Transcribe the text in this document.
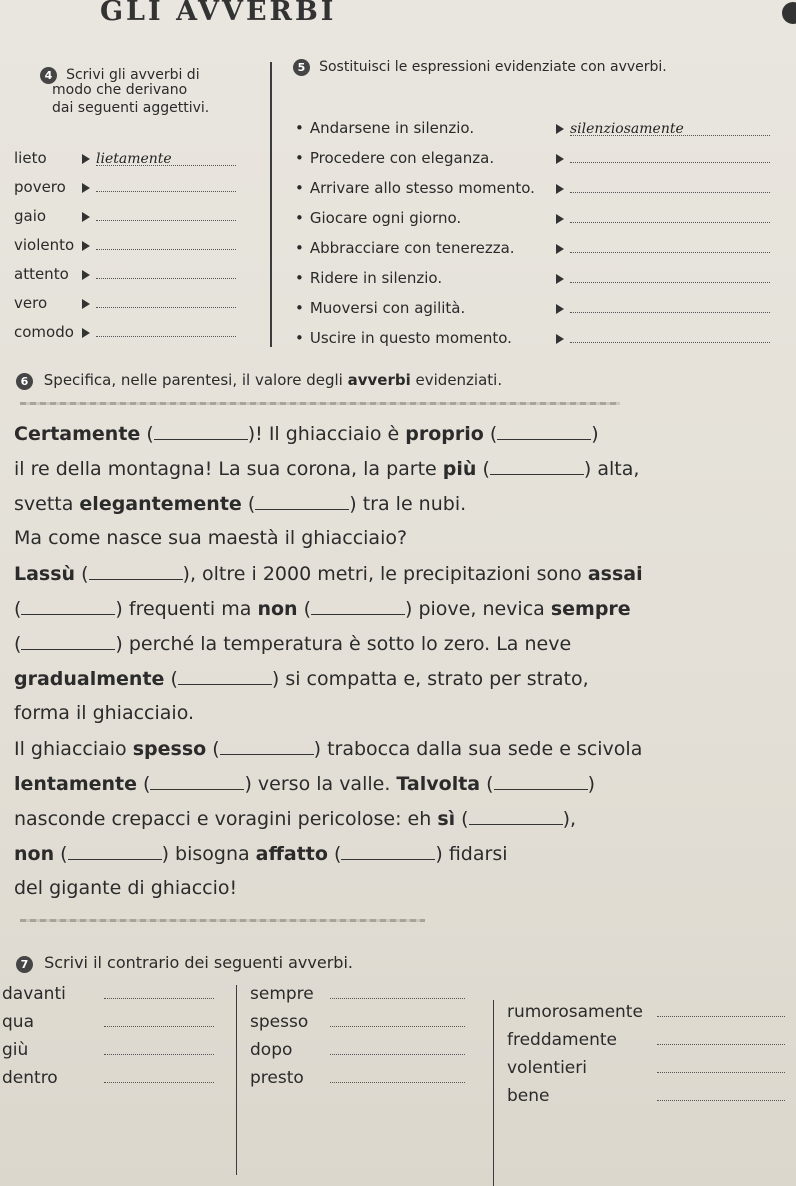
GLI AVVERBI
4 Scrivi gli avverbi di
modo che derivano
dai seguenti aggettivi.
lieto	lietamente
povero
gaio
violento
attento
vero
comodo
5 Sostituisci le espressioni evidenziate con avverbi.
• Andarsene in silenzio.	silenziosamente
• Procedere con eleganza.
• Arrivare allo stesso momento.
• Giocare ogni giorno.
• Abbracciare con tenerezza.
• Ridere in silenzio.
• Muoversi con agilità.
• Uscire in questo momento.
6 Specifica, nelle parentesi, il valore degli avverbi evidenziati.
Certamente (	)! Il ghiacciaio è proprio (	)
il re della montagna! La sua corona, la parte più (	) alta,
svetta elegantemente (	) tra le nubi.
Ma come nasce sua maestà il ghiacciaio?
Lassù (	), oltre i 2000 metri, le precipitazioni sono assai
(	) frequenti ma non (	) piove, nevica sempre
(	) perché la temperatura è sotto lo zero. La neve
gradualmente (	) si compatta e, strato per strato,
forma il ghiacciaio.
Il ghiacciaio spesso (	) trabocca dalla sua sede e scivola
lentamente (	) verso la valle. Talvolta (	)
nasconde crepacci e voragini pericolose: eh sì (	),
non (	) bisogna affatto (	) fidarsi
del gigante di ghiaccio!
7 Scrivi il contrario dei seguenti avverbi.
davanti
qua
giù
dentro
sempre
spesso
dopo
presto
rumorosamente
freddamente
volentieri
bene
